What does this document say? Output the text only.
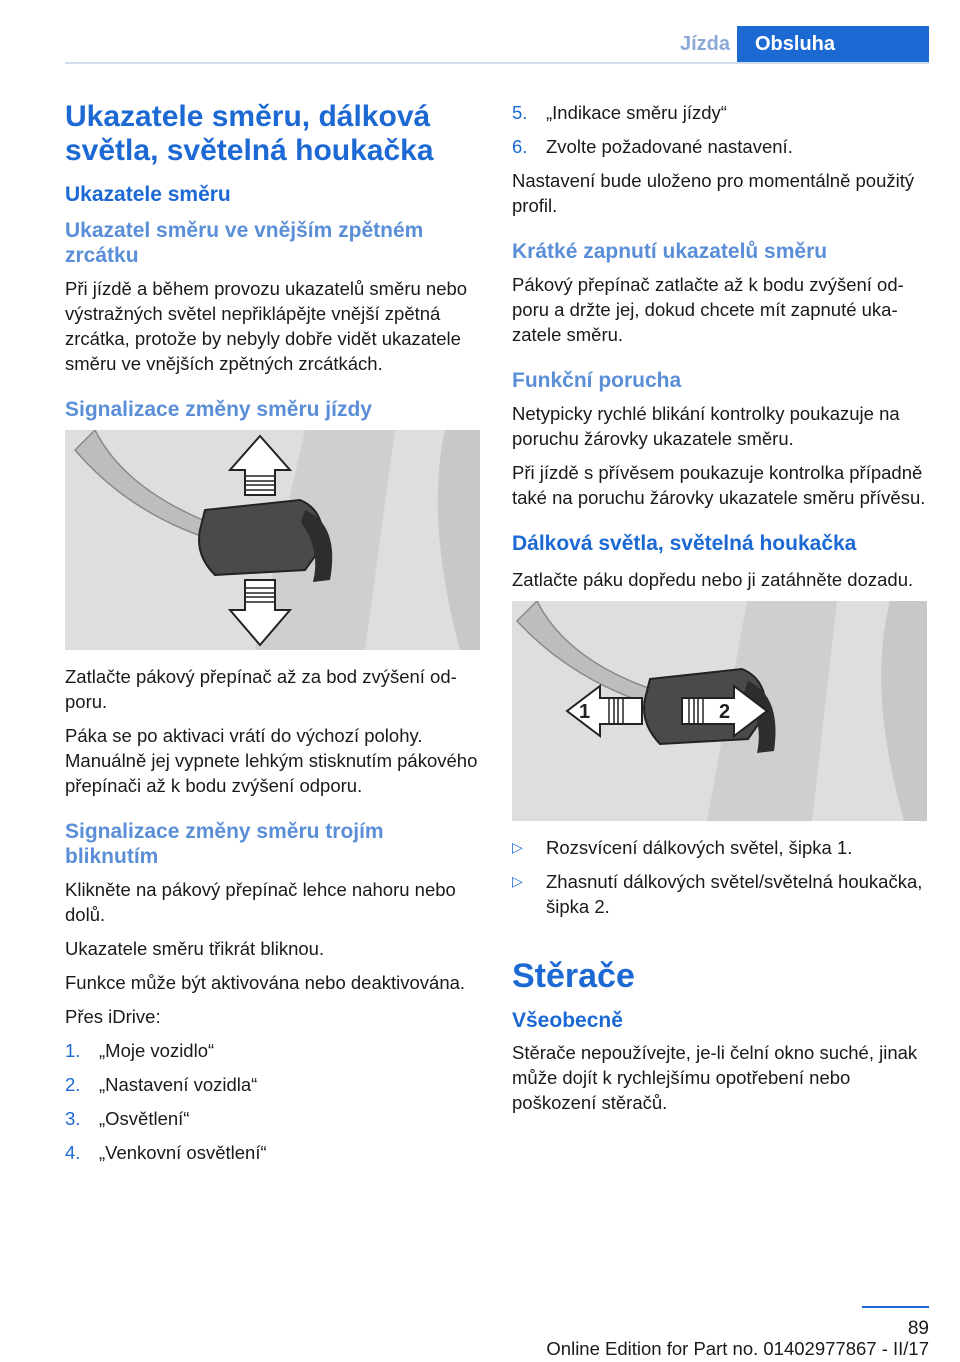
Jízda	Obsluha
Ukazatele směru, dálková světla, světelná houkačka
Ukazatele směru
Ukazatel směru ve vnějším zpětném zrcátku
Při jízdě a během provozu ukazatelů směru nebo výstražných světel nepřiklápějte vnější zpětná zrcátka, protože by nebyly dobře vidět ukazatele směru ve vnějších zpětných zrcátkách.
Signalizace změny směru jízdy
Zatlačte pákový přepínač až za bod zvýšení odporu.
Páka se po aktivaci vrátí do výchozí polohy. Manuálně jej vypnete lehkým stisknutím pákového přepínači až k bodu zvýšení odporu.
Signalizace změny směru trojím bliknutím
Klikněte na pákový přepínač lehce nahoru nebo dolů.
Ukazatele směru třikrát bliknou.
Funkce může být aktivována nebo deaktivována.
Přes iDrive:
1.	„Moje vozidlo“
2.	„Nastavení vozidla“
3.	„Osvětlení“
4.	„Venkovní osvětlení“
5.	„Indikace směru jízdy“
6.	Zvolte požadované nastavení.
Nastavení bude uloženo pro momentálně použitý profil.
Krátké zapnutí ukazatelů směru
Pákový přepínač zatlačte až k bodu zvýšení odporu a držte jej, dokud chcete mít zapnuté ukazatele směru.
Funkční porucha
Netypicky rychlé blikání kontrolky poukazuje na poruchu žárovky ukazatele směru.
Při jízdě s přívěsem poukazuje kontrolka případně také na poruchu žárovky ukazatele směru přívěsu.
Dálková světla, světelná houkačka
Zatlačte páku dopředu nebo ji zatáhněte dozadu.
1	2
▷	Rozsvícení dálkových světel, šipka 1.
▷	Zhasnutí dálkových světel/světelná houkačka, šipka 2.
Stěrače
Všeobecně
Stěrače nepoužívejte, je-li čelní okno suché, jinak může dojít k rychlejšímu opotřebení nebo poškození stěračů.
89
Online Edition for Part no. 01402977867 - II/17
